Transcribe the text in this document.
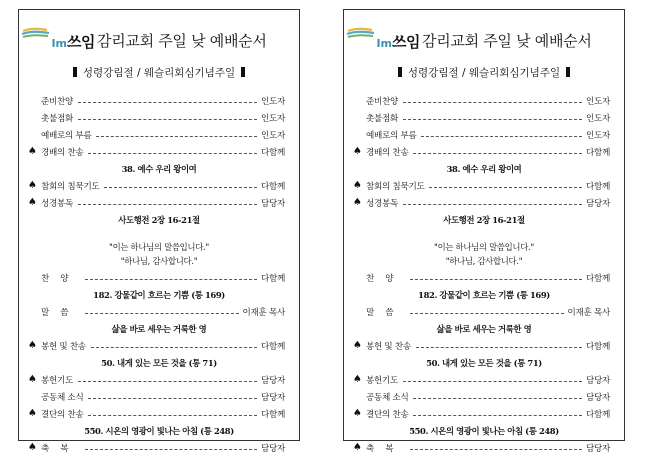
Im쓰임 감리교회 주일 낮 예배순서
성령강림절 / 웨슬리회심기념주일
준비찬양	인도자
촛불점화	인도자
예배로의 부름	인도자
♠ 경배의 찬송	다함께
38. 예수 우리 왕이여
♠ 참회의 침묵기도	다함께
♠ 성경봉독	담당자
사도행전 2장 16-21절
"이는 하나님의 말씀입니다."
"하나님, 감사합니다."
찬양	다함께
182. 강물같이 흐르는 기쁨 (통 169)
말씀	이재훈 목사
삶을 바로 세우는 거룩한 영
♠ 봉헌 및 찬송	다함께
50. 내게 있는 모든 것을 (통 71)
♠ 봉헌기도	담당자
공동체 소식	담당자
♠ 결단의 찬송	다함께
550. 시온의 영광이 빛나는 아침 (통 248)
♠ 축복	담당자
Im쓰임 감리교회 주일 낮 예배순서
성령강림절 / 웨슬리회심기념주일
준비찬양	인도자
촛불점화	인도자
예배로의 부름	인도자
♠ 경배의 찬송	다함께
38. 예수 우리 왕이여
♠ 참회의 침묵기도	다함께
♠ 성경봉독	담당자
사도행전 2장 16-21절
"이는 하나님의 말씀입니다."
"하나님, 감사합니다."
찬양	다함께
182. 강물같이 흐르는 기쁨 (통 169)
말씀	이재훈 목사
삶을 바로 세우는 거룩한 영
♠ 봉헌 및 찬송	다함께
50. 내게 있는 모든 것을 (통 71)
♠ 봉헌기도	담당자
공동체 소식	담당자
♠ 결단의 찬송	다함께
550. 시온의 영광이 빛나는 아침 (통 248)
♠ 축복	담당자
